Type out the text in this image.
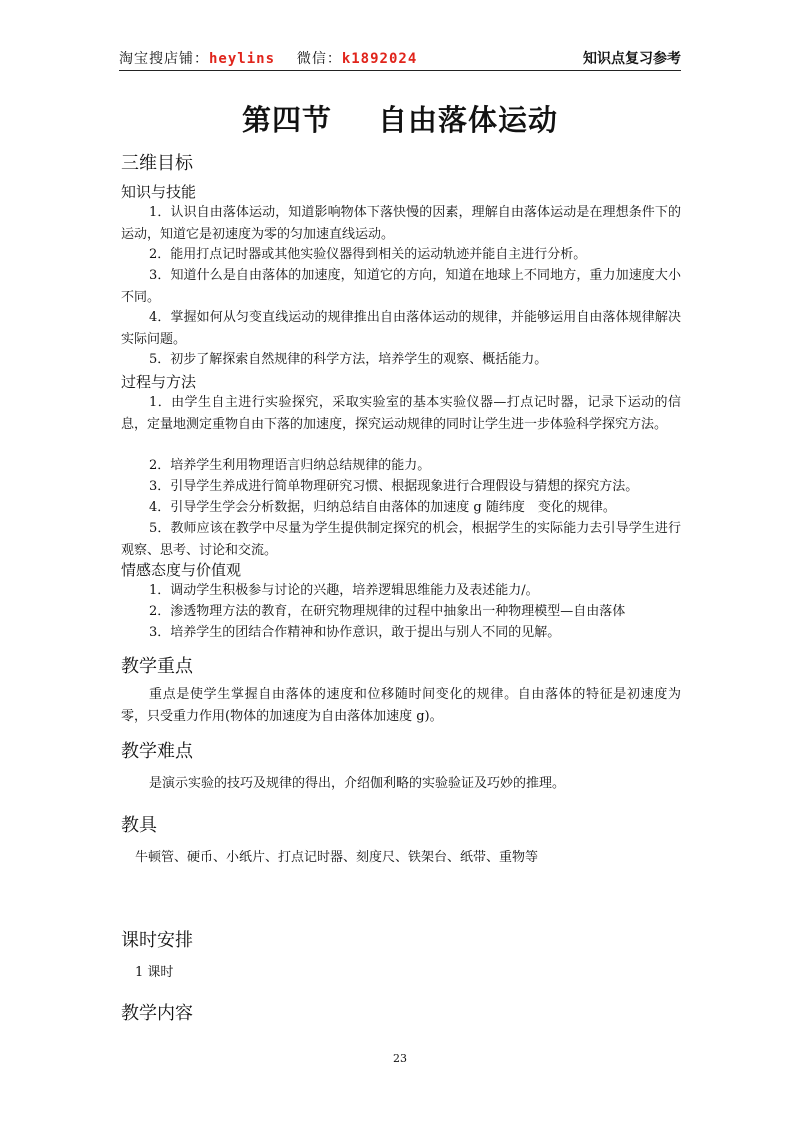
淘宝搜店铺：heylins 微信：k1892024	知识点复习参考
第四节 自由落体运动
三维目标
知识与技能
1．认识自由落体运动，知道影响物体下落快慢的因素，理解自由落体运动是在理想条件下的运动，知道它是初速度为零的匀加速直线运动。
2．能用打点记时器或其他实验仪器得到相关的运动轨迹并能自主进行分析。
3．知道什么是自由落体的加速度，知道它的方向，知道在地球上不同地方，重力加速度大小不同。
4．掌握如何从匀变直线运动的规律推出自由落体运动的规律，并能够运用自由落体规律解决实际问题。
5．初步了解探索自然规律的科学方法，培养学生的观察、概括能力。
过程与方法
1．由学生自主进行实验探究，采取实验室的基本实验仪器—打点记时器，记录下运动的信息，定量地测定重物自由下落的加速度，探究运动规律的同时让学生进一步体验科学探究方法。
2．培养学生利用物理语言归纳总结规律的能力。
3．引导学生养成进行简单物理研究习惯、根据现象进行合理假设与猜想的探究方法。
4．引导学生学会分析数据，归纳总结自由落体的加速度 g 随纬度　变化的规律。
5．教师应该在教学中尽量为学生提供制定探究的机会，根据学生的实际能力去引导学生进行观察、思考、讨论和交流。
情感态度与价值观
1．调动学生积极参与讨论的兴趣，培养逻辑思维能力及表述能力/。
2．渗透物理方法的教育，在研究物理规律的过程中抽象出一种物理模型—自由落体
3．培养学生的团结合作精神和协作意识，敢于提出与别人不同的见解。
教学重点
重点是使学生掌握自由落体的速度和位移随时间变化的规律。自由落体的特征是初速度为零，只受重力作用(物体的加速度为自由落体加速度 g)。
教学难点
是演示实验的技巧及规律的得出，介绍伽利略的实验验证及巧妙的推理。
教具
牛顿管、硬币、小纸片、打点记时器、刻度尺、铁架台、纸带、重物等
课时安排
1 课时
教学内容
23
